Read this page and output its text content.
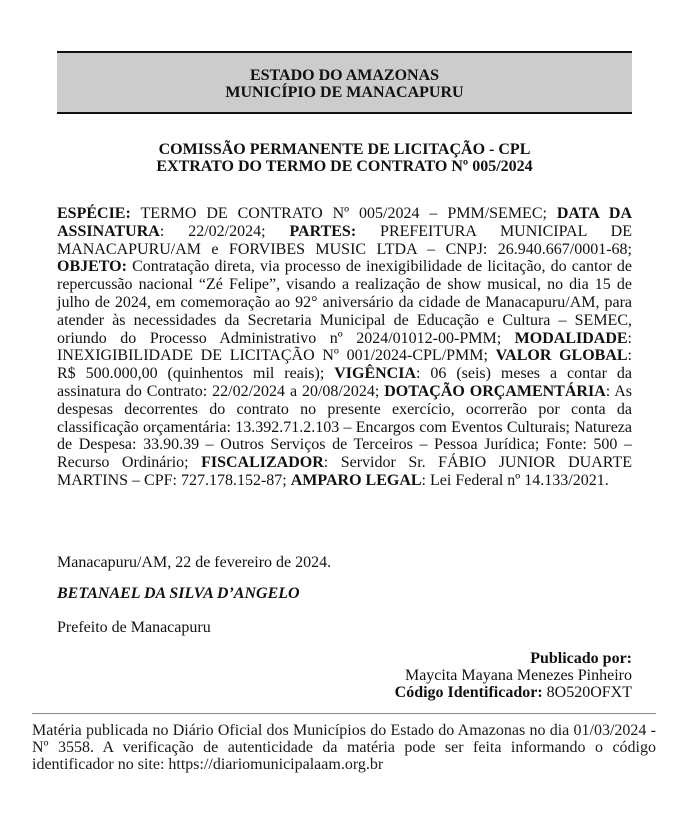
ESTADO DO AMAZONAS
MUNICÍPIO DE MANACAPURU
COMISSÃO PERMANENTE DE LICITAÇÃO - CPL
EXTRATO DO TERMO DE CONTRATO Nº 005/2024
ESPÉCIE: TERMO DE CONTRATO Nº 005/2024 – PMM/SEMEC; DATA DA ASSINATURA: 22/02/2024; PARTES: PREFEITURA MUNICIPAL DE MANACAPURU/AM e FORVIBES MUSIC LTDA – CNPJ: 26.940.667/0001-68; OBJETO: Contratação direta, via processo de inexigibilidade de licitação, do cantor de repercussão nacional “Zé Felipe”, visando a realização de show musical, no dia 15 de julho de 2024, em comemoração ao 92° aniversário da cidade de Manacapuru/AM, para atender às necessidades da Secretaria Municipal de Educação e Cultura – SEMEC, oriundo do Processo Administrativo nº 2024/01012-00-PMM; MODALIDADE: INEXIGIBILIDADE DE LICITAÇÃO Nº 001/2024-CPL/PMM; VALOR GLOBAL: R$ 500.000,00 (quinhentos mil reais); VIGÊNCIA: 06 (seis) meses a contar da assinatura do Contrato: 22/02/2024 a 20/08/2024; DOTAÇÃO ORÇAMENTÁRIA: As despesas decorrentes do contrato no presente exercício, ocorrerão por conta da classificação orçamentária: 13.392.71.2.103 – Encargos com Eventos Culturais; Natureza de Despesa: 33.90.39 – Outros Serviços de Terceiros – Pessoa Jurídica; Fonte: 500 – Recurso Ordinário; FISCALIZADOR: Servidor Sr. FÁBIO JUNIOR DUARTE MARTINS – CPF: 727.178.152-87; AMPARO LEGAL: Lei Federal nº 14.133/2021.
Manacapuru/AM, 22 de fevereiro de 2024.
BETANAEL DA SILVA D’ANGELO
Prefeito de Manacapuru
Publicado por:
Maycita Mayana Menezes Pinheiro
Código Identificador: 8O520OFXT
Matéria publicada no Diário Oficial dos Municípios do Estado do Amazonas no dia 01/03/2024 - Nº 3558. A verificação de autenticidade da matéria pode ser feita informando o código identificador no site: https://diariomunicipalaam.org.br
